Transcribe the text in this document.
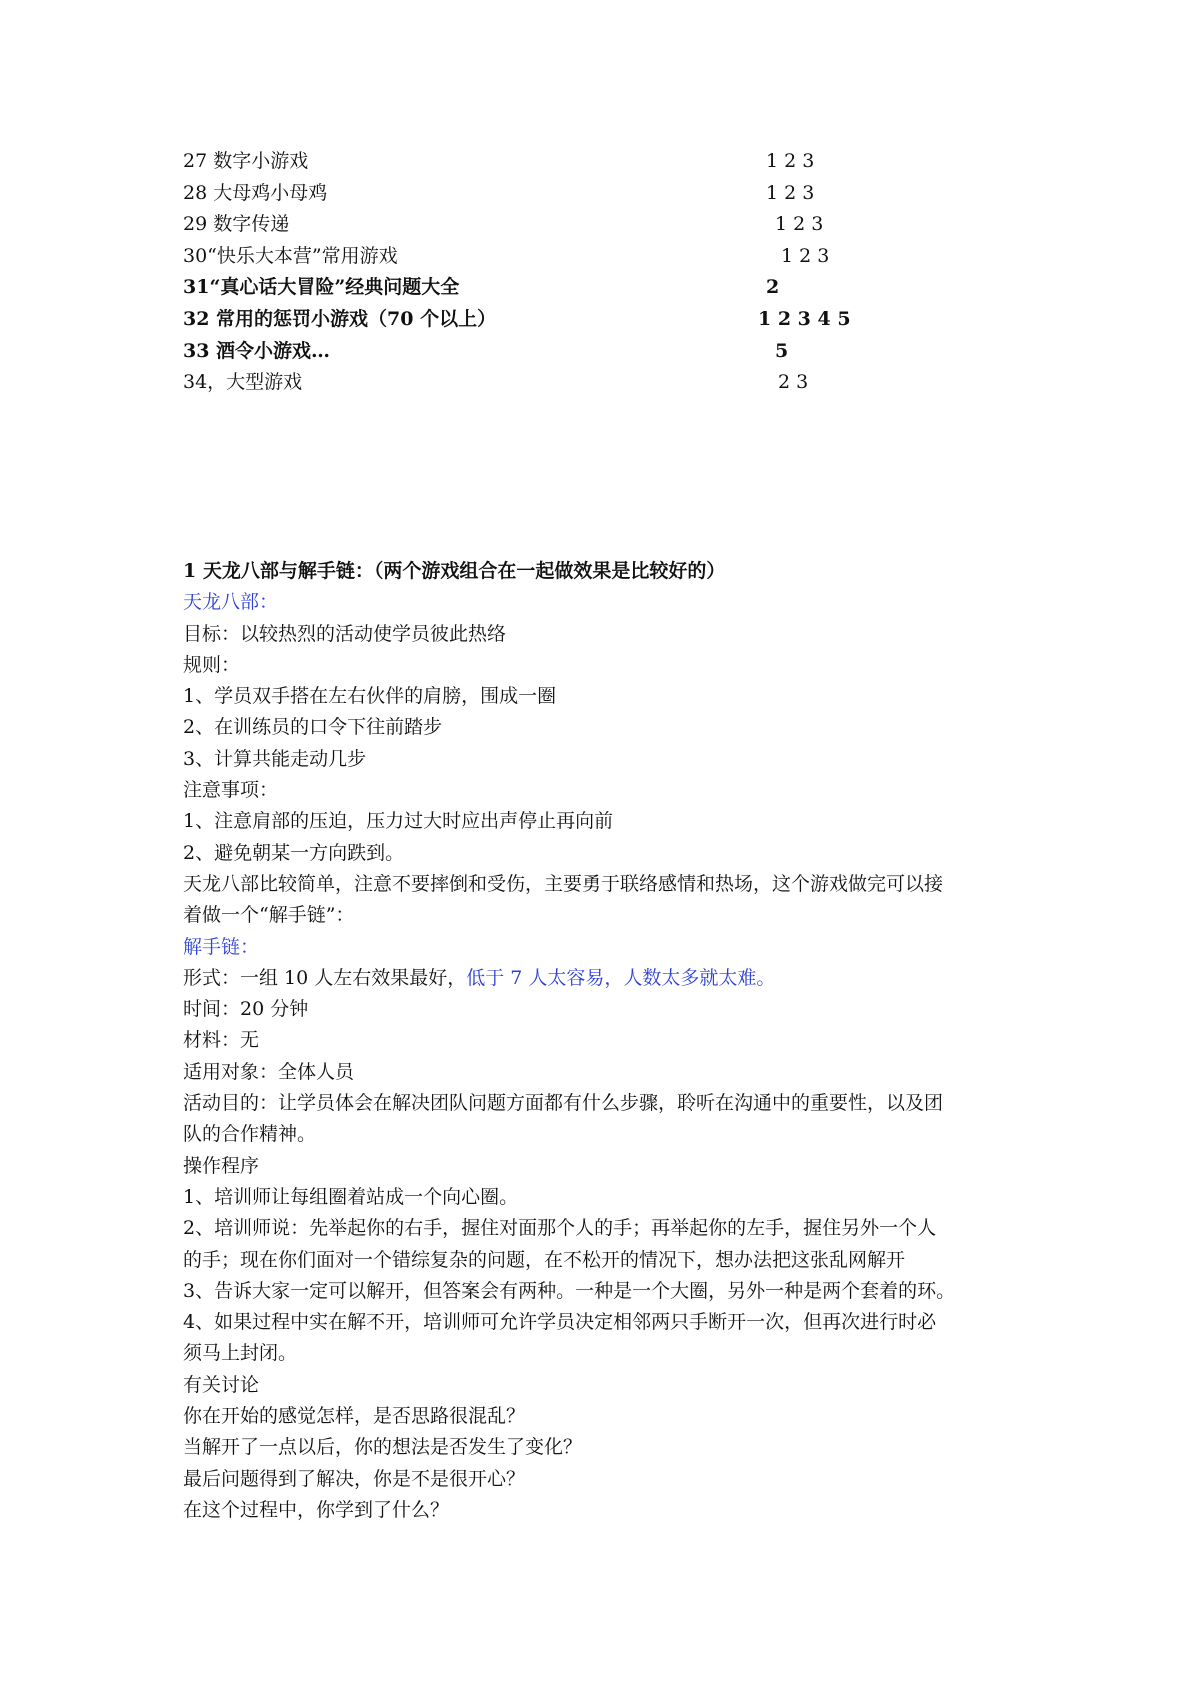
27 数字小游戏	1 2 3
28 大母鸡小母鸡	1 2 3
29 数字传递	1 2 3
30“快乐大本营”常用游戏	1 2 3
31“真心话大冒险”经典问题大全	2
32 常用的惩罚小游戏（70 个以上）	1 2 3 4 5
33 酒令小游戏…	5
34，大型游戏	2 3
1 天龙八部与解手链：（两个游戏组合在一起做效果是比较好的）
天龙八部：
目标：以较热烈的活动使学员彼此热络
规则：
1、学员双手搭在左右伙伴的肩膀，围成一圈
2、在训练员的口令下往前踏步
3、计算共能走动几步
注意事项：
1、注意肩部的压迫，压力过大时应出声停止再向前
2、避免朝某一方向跌到。
天龙八部比较简单，注意不要摔倒和受伤，主要勇于联络感情和热场，这个游戏做完可以接
着做一个“解手链”：
解手链：
形式：一组 10 人左右效果最好，低于 7 人太容易，人数太多就太难。
时间：20 分钟
材料：无
适用对象：全体人员
活动目的：让学员体会在解决团队问题方面都有什么步骤，聆听在沟通中的重要性，以及团
队的合作精神。
操作程序
1、培训师让每组圈着站成一个向心圈。
2、培训师说：先举起你的右手，握住对面那个人的手；再举起你的左手，握住另外一个人
的手；现在你们面对一个错综复杂的问题，在不松开的情况下，想办法把这张乱网解开
3、告诉大家一定可以解开，但答案会有两种。一种是一个大圈，另外一种是两个套着的环。
4、如果过程中实在解不开，培训师可允许学员决定相邻两只手断开一次，但再次进行时必
须马上封闭。
有关讨论
你在开始的感觉怎样，是否思路很混乱？
当解开了一点以后，你的想法是否发生了变化？
最后问题得到了解决，你是不是很开心？
在这个过程中，你学到了什么？
